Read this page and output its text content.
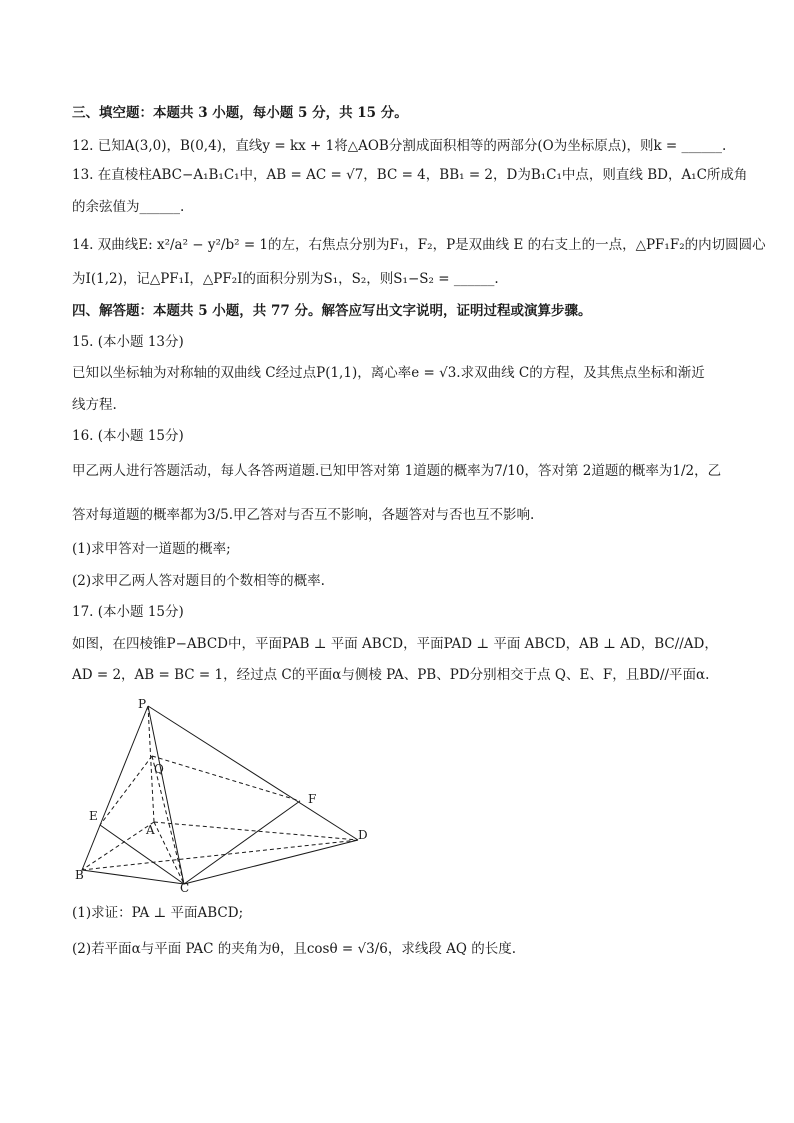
三、填空题：本题共 3 小题，每小题 5 分，共 15 分。
12. 已知A(3,0)，B(0,4)，直线y = kx + 1将△AOB分割成面积相等的两部分(O为坐标原点)，则k = ______.
13. 在直棱柱ABC−A₁B₁C₁中，AB = AC = √7，BC = 4，BB₁ = 2，D为B₁C₁中点，则直线 BD，A₁C所成角
的余弦值为______.
14. 双曲线E: x²/a² − y²/b² = 1的左，右焦点分别为F₁，F₂，P是双曲线 E 的右支上的一点，△PF₁F₂的内切圆圆心
为I(1,2)，记△PF₁I，△PF₂I的面积分别为S₁，S₂，则S₁−S₂ = ______.
四、解答题：本题共 5 小题，共 77 分。解答应写出文字说明，证明过程或演算步骤。
15. (本小题 13分)
已知以坐标轴为对称轴的双曲线 C经过点P(1,1)，离心率e = √3.求双曲线 C的方程，及其焦点坐标和渐近
线方程.
16. (本小题 15分)
甲乙两人进行答题活动，每人各答两道题.已知甲答对第 1道题的概率为7/10，答对第 2道题的概率为1/2，乙
答对每道题的概率都为3/5.甲乙答对与否互不影响，各题答对与否也互不影响.
(1)求甲答对一道题的概率;
(2)求甲乙两人答对题目的个数相等的概率.
17. (本小题 15分)
如图，在四棱锥P−ABCD中，平面PAB ⊥ 平面 ABCD，平面PAD ⊥ 平面 ABCD，AB ⊥ AD，BC//AD，
AD = 2，AB = BC = 1，经过点 C的平面α与侧棱 PA、PB、PD分别相交于点 Q、E、F，且BD//平面α.
P
Q
F
E
A	D
B
C
(1)求证：PA ⊥ 平面ABCD;
(2)若平面α与平面 PAC 的夹角为θ，且cosθ = √3/6，求线段 AQ 的长度.
